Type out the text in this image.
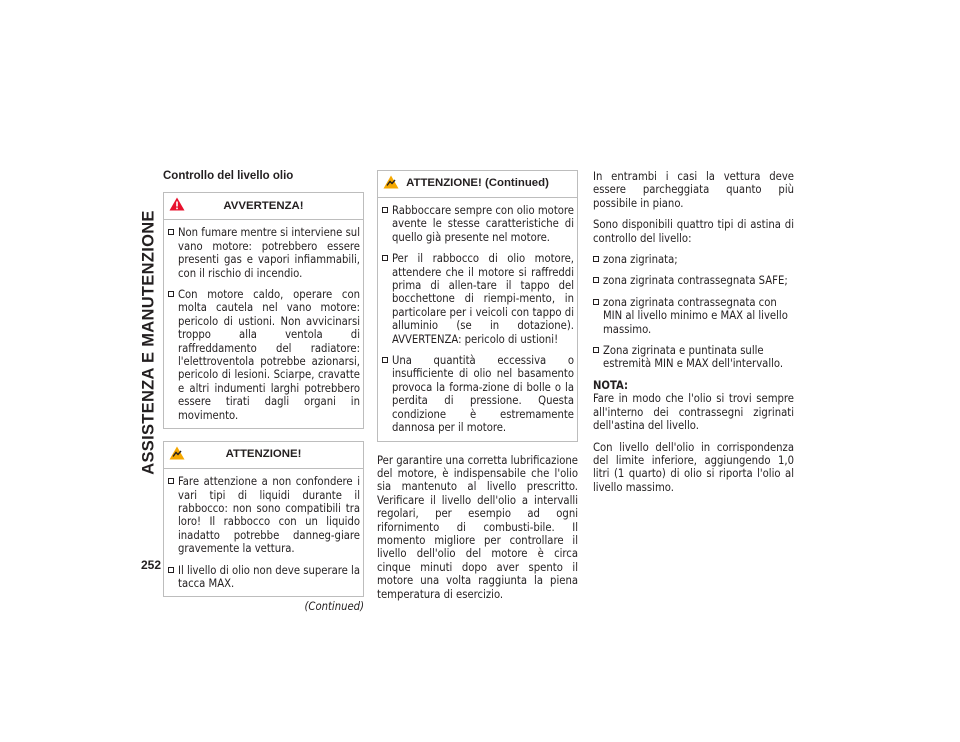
ASSISTENZA E MANUTENZIONE
252
Controllo del livello olio
AVVERTENZA!
Non fumare mentre si interviene sul vano motore: potrebbero essere presenti gas e vapori infiammabili, con il rischio di incendio.
Con motore caldo, operare con molta cautela nel vano motore: pericolo di ustioni. Non avvicinarsi troppo alla ventola di raffreddamento del radiatore: l'elettroventola potrebbe azionarsi, pericolo di lesioni. Sciarpe, cravatte e altri indumenti larghi potrebbero essere tirati dagli organi in movimento.
ATTENZIONE!
Fare attenzione a non confondere i vari tipi di liquidi durante il rabbocco: non sono compatibili tra loro! Il rabbocco con un liquido inadatto potrebbe danneg-giare gravemente la vettura.
Il livello di olio non deve superare la tacca MAX.
(Continued)
ATTENZIONE! (Continued)
Rabboccare sempre con olio motore avente le stesse caratteristiche di quello già presente nel motore.
Per il rabbocco di olio motore, attendere che il motore si raffreddi prima di allen-tare il tappo del bocchettone di riempi-mento, in particolare per i veicoli con tappo di alluminio (se in dotazione). AVVERTENZA: pericolo di ustioni!
Una quantità eccessiva o insufficiente di olio nel basamento provoca la forma-zione di bolle o la perdita di pressione. Questa condizione è estremamente dannosa per il motore.

Per garantire una corretta lubrificazione del motore, è indispensabile che l'olio sia mantenuto al livello prescritto. Verificare il livello dell'olio a intervalli regolari, per esempio ad ogni rifornimento di combusti-bile. Il momento migliore per controllare il livello dell'olio del motore è circa cinque minuti dopo aver spento il motore una volta raggiunta la piena temperatura di esercizio.

In entrambi i casi la vettura deve essere parcheggiata quanto più possibile in piano.

Sono disponibili quattro tipi di astina di controllo del livello:

zona zigrinata;
zona zigrinata contrassegnata SAFE;
zona zigrinata contrassegnata con MIN al livello minimo e MAX al livello massimo.
Zona zigrinata e puntinata sulle estremità MIN e MAX dell'intervallo.
NOTA:

Fare in modo che l'olio si trovi sempre all'interno dei contrassegni zigrinati dell'astina del livello.

Con livello dell'olio in corrispondenza del limite inferiore, aggiungendo 1,0 litri (1 quarto) di olio si riporta l'olio al livello massimo.
